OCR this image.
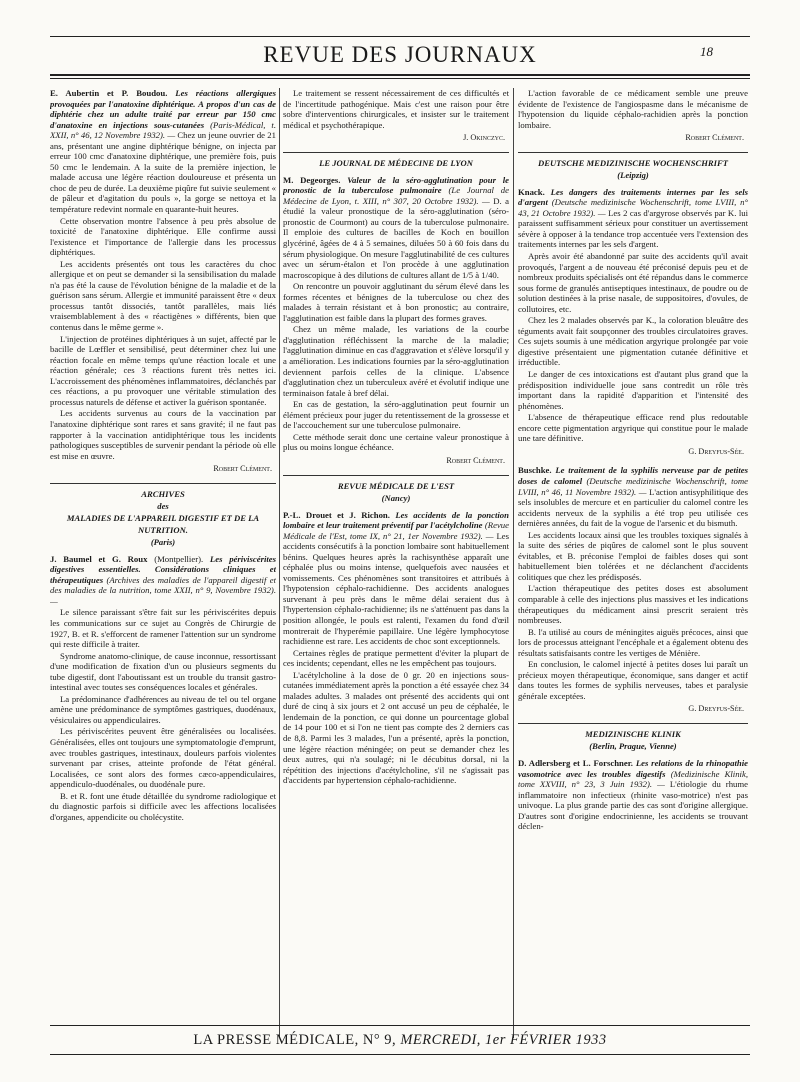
REVUE DES JOURNAUX	18

E. Aubertin et P. Boudou. Les réactions allergiques provoquées par l'anatoxine diphtérique. A propos d'un cas de diphtérie chez un adulte traité par erreur par 150 cmc d'anatoxine en injections sous-cutanées (Paris-Médical, t. XXII, n° 46, 12 Novembre 1932). — Chez un jeune ouvrier de 21 ans, présentant une angine diphtérique bénigne, on injecta par erreur 100 cmc d'anatoxine diphtérique, une première fois, puis 50 cmc le lendemain. A la suite de la première injection, le malade accusa une légère réaction douloureuse et présenta un choc de peu de durée. La deuxième piqûre fut suivie seulement « de pâleur et d'agitation du pouls », la gorge se nettoya et la température redevint normale en quarante-huit heures.

Cette observation montre l'absence à peu près absolue de toxicité de l'anatoxine diphtérique. Elle confirme aussi l'existence et l'importance de l'allergie dans les processus diphtériques.

Les accidents présentés ont tous les caractères du choc allergique et on peut se demander si la sensibilisation du malade n'a pas été la cause de l'évolution bénigne de la maladie et de la guérison sans sérum. Allergie et immunité paraissent être « deux processus tantôt dissociés, tantôt parallèles, mais liés vraisemblablement à des « réactigènes » différents, bien que contenus dans le même germe ».

L'injection de protéines diphtériques à un sujet, affecté par le bacille de Lœffler et sensibilisé, peut déterminer chez lui une réaction focale en même temps qu'une réaction locale et une réaction générale; ces 3 réactions furent très nettes ici. L'accroissement des phénomènes inflammatoires, déclanchés par ces réactions, a pu provoquer une véritable stimulation des processus naturels de défense et activer la guérison spontanée.

Les accidents survenus au cours de la vaccination par l'anatoxine diphtérique sont rares et sans gravité; il ne faut pas rapporter à la vaccination antidiphtérique tous les incidents pathologiques susceptibles de survenir pendant la période où elle est mise en œuvre.

Robert Clément.
ARCHIVES
des
MALADIES DE L'APPAREIL DIGESTIF ET DE LA NUTRITION.
(Paris)

J. Baumel et G. Roux (Montpellier). Les périviscérites digestives essentielles. Considérations cliniques et thérapeutiques (Archives des maladies de l'appareil digestif et des maladies de la nutrition, tome XXII, n° 9, Novembre 1932). —

Le silence paraissant s'être fait sur les périviscérites depuis les communications sur ce sujet au Congrès de Chirurgie de 1927, B. et R. s'efforcent de ramener l'attention sur un syndrome qui reste difficile à traiter.

Syndrome anatomo-clinique, de cause inconnue, ressortissant d'une modification de fixation d'un ou plusieurs segments du tube digestif, dont l'aboutissant est un trouble du transit gastro-intestinal avec toutes ses conséquences locales et générales.

La prédominance d'adhérences au niveau de tel ou tel organe amène une prédominance de symptômes gastriques, duodénaux, vésiculaires ou appendiculaires.

Les périviscérites peuvent être généralisées ou localisées. Généralisées, elles ont toujours une symptomatologie d'emprunt, avec troubles gastriques, intestinaux, douleurs parfois violentes survenant par crises, atteinte profonde de l'état général. Localisées, ce sont alors des formes cæco-appendiculaires, appendiculo-duodénales, ou duodénale pure.

B. et R. font une étude détaillée du syndrome radiologique et du diagnostic parfois si difficile avec les affections localisées d'organes, appendicite ou cholécystite.

Le traitement se ressent nécessairement de ces difficultés et de l'incertitude pathogénique. Mais c'est une raison pour être sobre d'interventions chirurgicales, et insister sur le traitement médical et psychothérapique.

J. Okinczyc.
LE JOURNAL DE MÉDECINE DE LYON

M. Degeorges. Valeur de la séro-agglutination pour le pronostic de la tuberculose pulmonaire (Le Journal de Médecine de Lyon, t. XIII, n° 307, 20 Octobre 1932). — D. a étudié la valeur pronostique de la séro-agglutination (séro-pronostic de Courmont) au cours de la tuberculose pulmonaire. Il emploie des cultures de bacilles de Koch en bouillon glycériné, âgées de 4 à 5 semaines, diluées 50 à 60 fois dans du sérum physiologique. On mesure l'agglutinabilité de ces cultures avec un sérum-étalon et l'on procède à une agglutination macroscopique à des dilutions de cultures allant de 1/5 à 1/40.

On rencontre un pouvoir agglutinant du sérum élevé dans les formes récentes et bénignes de la tuberculose ou chez des malades à terrain résistant et à bon pronostic; au contraire, l'agglutination est faible dans la plupart des formes graves.

Chez un même malade, les variations de la courbe d'agglutination réfléchissent la marche de la maladie; l'agglutination diminue en cas d'aggravation et s'élève lorsqu'il y a amélioration. Les indications fournies par la séro-agglutination deviennent parfois celles de la clinique. L'absence d'agglutination chez un tuberculeux avéré et évolutif indique une terminaison fatale à bref délai.

En cas de gestation, la séro-agglutination peut fournir un élément précieux pour juger du retentissement de la grossesse et de l'accouchement sur une tuberculose pulmonaire.

Cette méthode serait donc une certaine valeur pronostique à plus ou moins longue échéance.

Robert Clément.
REVUE MÉDICALE DE L'EST
(Nancy)

P.-L. Drouet et J. Richon. Les accidents de la ponction lombaire et leur traitement préventif par l'acétylcholine (Revue Médicale de l'Est, tome IX, n° 21, 1er Novembre 1932). — Les accidents consécutifs à la ponction lombaire sont habituellement bénins. Quelques heures après la rachisynthèse apparaît une céphalée plus ou moins intense, quelquefois avec nausées et vomissements. Ces phénomènes sont transitoires et attribués à l'hypotension céphalo-rachidienne. Des accidents analogues survenant à peu près dans le même délai seraient dus à l'hypertension céphalo-rachidienne; ils ne s'atténuent pas dans la position allongée, le pouls est ralenti, l'examen du fond d'œil montrerait de l'hyperémie papillaire. Une légère lymphocytose rachidienne est rare. Les accidents de choc sont exceptionnels.

Certaines règles de pratique permettent d'éviter la plupart de ces incidents; cependant, elles ne les empêchent pas toujours.

L'acétylcholine à la dose de 0 gr. 20 en injections sous-cutanées immédiatement après la ponction a été essayée chez 34 malades adultes. 3 malades ont présenté des accidents qui ont duré de cinq à six jours et 2 ont accusé un peu de céphalée, le lendemain de la ponction, ce qui donne un pourcentage global de 14 pour 100 et si l'on ne tient pas compte des 2 derniers cas de 8,8. Parmi les 3 malades, l'un a présenté, après la ponction, une légère réaction méningée; on peut se demander chez les deux autres, qui n'a soulagé; ni le décubitus dorsal, ni la répétition des injections d'acétylcholine, s'il ne s'agissait pas d'accidents par hypertension céphalo-rachidienne.

L'action favorable de ce médicament semble une preuve évidente de l'existence de l'angiospasme dans le mécanisme de l'hypotension du liquide céphalo-rachidien après la ponction lombaire.

Robert Clément.
DEUTSCHE MEDIZINISCHE WOCHENSCHRIFT
(Leipzig)

Knack. Les dangers des traitements internes par les sels d'argent (Deutsche medizinische Wochenschrift, tome LVIII, n° 43, 21 Octobre 1932). — Les 2 cas d'argyrose observés par K. lui paraissent suffisamment sérieux pour constituer un avertissement sévère à opposer à la tendance trop accentuée vers l'extension des traitements internes par les sels d'argent.

Après avoir été abandonné par suite des accidents qu'il avait provoqués, l'argent a de nouveau été préconisé depuis peu et de nombreux produits spécialisés ont été répandus dans le commerce sous forme de granulés antiseptiques intestinaux, de poudre ou de solution destinées à la prise nasale, de suppositoires, d'ovules, de collutoires, etc.

Chez les 2 malades observés par K., la coloration bleuâtre des téguments avait fait soupçonner des troubles circulatoires graves. Ces sujets soumis à une médication argyrique prolongée par voie digestive présentaient une pigmentation cutanée définitive et irréductible.

Le danger de ces intoxications est d'autant plus grand que la prédisposition individuelle joue sans contredit un rôle très important dans la rapidité d'apparition et l'intensité des phénomènes.

L'absence de thérapeutique efficace rend plus redoutable encore cette pigmentation argyrique qui constitue pour le malade une tare définitive.

G. Dreyfus-Sée.

Buschke. Le traitement de la syphilis nerveuse par de petites doses de calomel (Deutsche medizinische Wochenschrift, tome LVIII, n° 46, 11 Novembre 1932). — L'action antisyphilitique des sels insolubles de mercure et en particulier du calomel contre les accidents nerveux de la syphilis a été trop peu utilisée ces dernières années, du fait de la vogue de l'arsenic et du bismuth.

Les accidents locaux ainsi que les troubles toxiques signalés à la suite des séries de piqûres de calomel sont le plus souvent évitables, et B. préconise l'emploi de faibles doses qui sont habituellement bien tolérées et ne déclanchent d'accidents colitiques que chez les prédisposés.

L'action thérapeutique des petites doses est absolument comparable à celle des injections plus massives et les indications thérapeutiques du médicament ainsi prescrit seraient très nombreuses.

B. l'a utilisé au cours de méningites aiguës précoces, ainsi que lors de processus atteignant l'encéphale et a également obtenu des résultats satisfaisants contre les vertiges de Ménière.

En conclusion, le calomel injecté à petites doses lui paraît un précieux moyen thérapeutique, économique, sans danger et actif dans toutes les formes de syphilis nerveuses, tabes et paralysie générale exceptées.

G. Dreyfus-Sée.
MEDIZINISCHE KLINIK
(Berlin, Prague, Vienne)

D. Adlersberg et L. Forschner. Les relations de la rhinopathie vasomotrice avec les troubles digestifs (Medizinische Klinik, tome XXVIII, n° 23, 3 Juin 1932). — L'étiologie du rhume inflammatoire non infectieux (rhinite vaso-motrice) n'est pas univoque. La plus grande partie des cas sont d'origine allergique. D'autres sont d'origine endocrinienne, les accidents se trouvant déclen-

LA PRESSE MÉDICALE, N° 9, MERCREDI, 1er FÉVRIER 1933
